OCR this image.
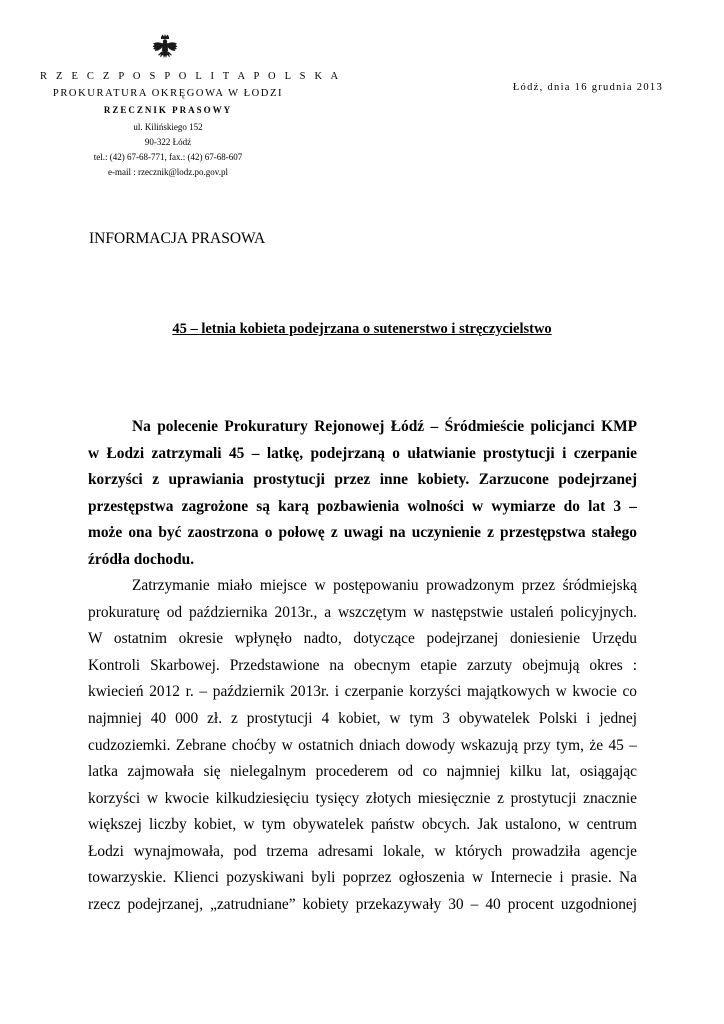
R Z E C Z P O S P O L I T A P O L S K A
PROKURATURA OKRĘGOWA W ŁODZI
RZECZNIK PRASOWY
ul. Kilińskiego 152
90-322 Łódź
tel.: (42) 67-68-771, fax.: (42) 67-68-607
e-mail : rzecznik@lodz.po.gov.pl
Łódź, dnia 16 grudnia 2013
INFORMACJA PRASOWA
45 – letnia kobieta podejrzana o sutenerstwo i stręczycielstwo
Na polecenie Prokuratury Rejonowej Łódź – Śródmieście policjanci KMP
w Łodzi zatrzymali 45 – latkę, podejrzaną o ułatwianie prostytucji i czerpanie
korzyści z uprawiania prostytucji przez inne kobiety. Zarzucone podejrzanej
przestępstwa zagrożone są karą pozbawienia wolności w wymiarze do lat 3 –
może ona być zaostrzona o połowę z uwagi na uczynienie z przestępstwa stałego
źródła dochodu.
Zatrzymanie miało miejsce w postępowaniu prowadzonym przez śródmiejską
prokuraturę od października 2013r., a wszczętym w następstwie ustaleń policyjnych.
W ostatnim okresie wpłynęło nadto, dotyczące podejrzanej doniesienie Urzędu
Kontroli Skarbowej. Przedstawione na obecnym etapie zarzuty obejmują okres :
kwiecień 2012 r. – październik 2013r. i czerpanie korzyści majątkowych w kwocie co
najmniej 40 000 zł. z prostytucji 4 kobiet, w tym 3 obywatelek Polski i jednej
cudzoziemki. Zebrane choćby w ostatnich dniach dowody wskazują przy tym, że 45 –
latka zajmowała się nielegalnym procederem od co najmniej kilku lat, osiągając
korzyści w kwocie kilkudziesięciu tysięcy złotych miesięcznie z prostytucji znacznie
większej liczby kobiet, w tym obywatelek państw obcych. Jak ustalono, w centrum
Łodzi wynajmowała, pod trzema adresami lokale, w których prowadziła agencje
towarzyskie. Klienci pozyskiwani byli poprzez ogłoszenia w Internecie i prasie. Na
rzecz podejrzanej, „zatrudniane” kobiety przekazywały 30 – 40 procent uzgodnionej
